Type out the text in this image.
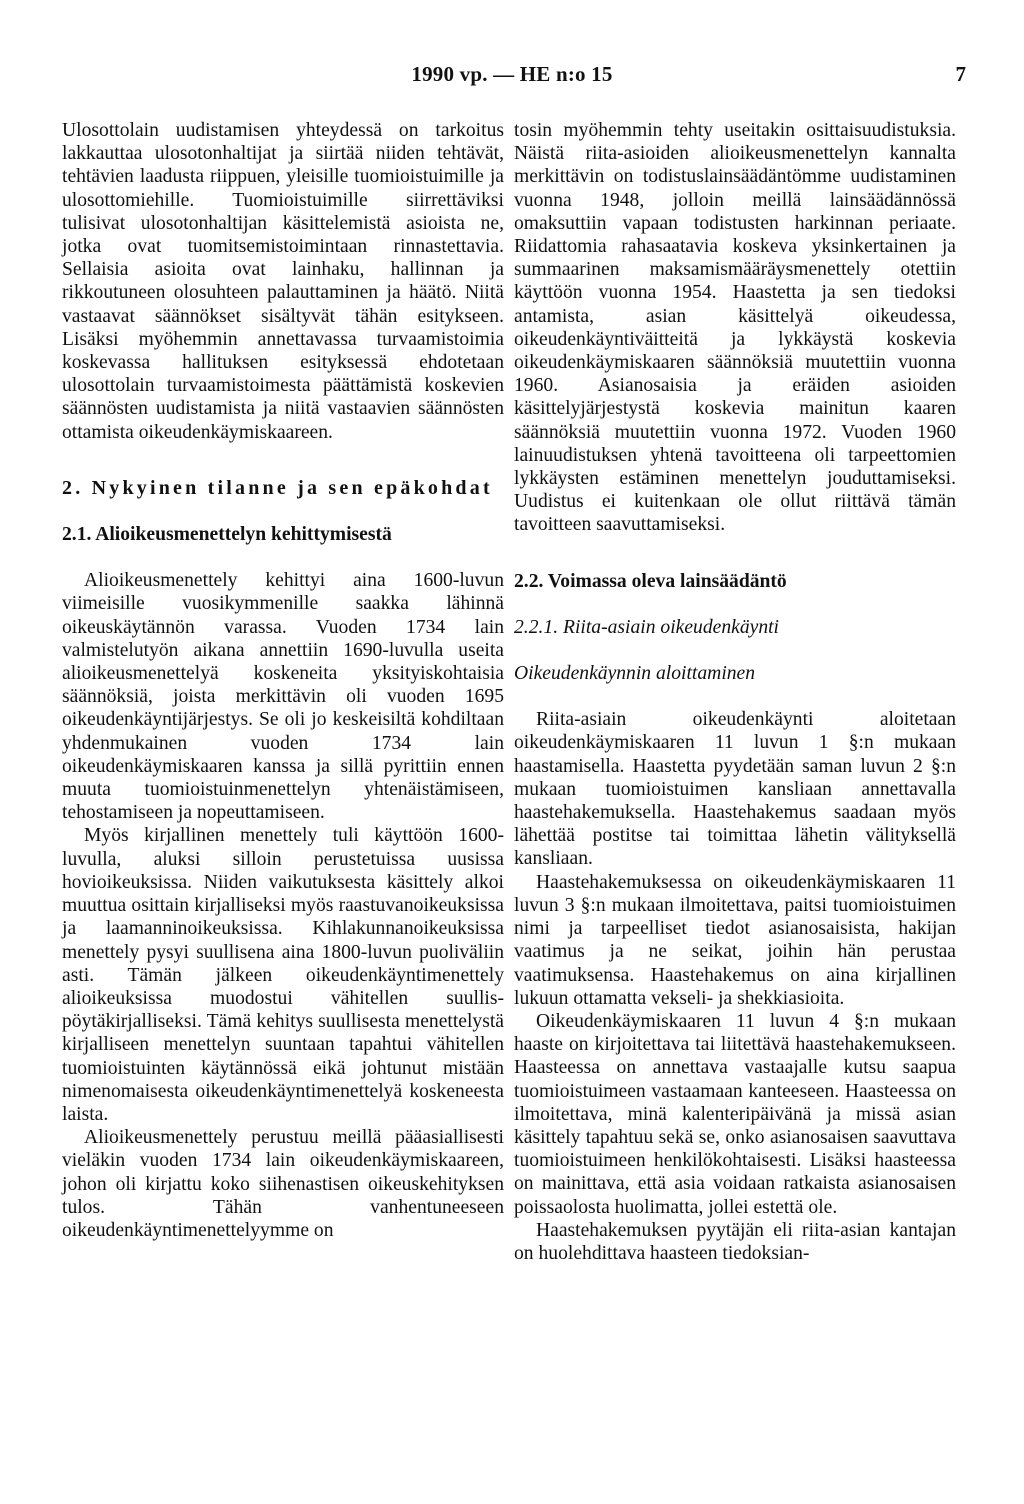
1990 vp. — HE n:o 15	7

Ulosottolain uudistamisen yhteydessä on tarkoitus lakkauttaa ulosotonhaltijat ja siirtää niiden tehtävät, tehtävien laadusta riippuen, yleisille tuomioistuimille ja ulosottomiehille. Tuomioistuimille siirrettäviksi tulisivat ulosotonhaltijan käsittelemistä asioista ne, jotka ovat tuomitsemistoimintaan rinnastettavia. Sellaisia asioita ovat lainhaku, hallinnan ja rikkoutuneen olosuhteen palauttaminen ja häätö. Niitä vastaavat säännökset sisältyvät tähän esitykseen. Lisäksi myöhemmin annettavassa turvaamistoimia koskevassa hallituksen esityksessä ehdotetaan ulosottolain turvaamistoimesta päättämistä koskevien säännösten uudistamista ja niitä vastaavien säännösten ottamista oikeudenkäymiskaareen.

2. Nykyinen tilanne ja sen epäkohdat
2.1. Alioikeusmenettelyn kehittymisestä

Alioikeusmenettely kehittyi aina 1600-luvun viimeisille vuosikymmenille saakka lähinnä oikeuskäytännön varassa. Vuoden 1734 lain valmistelutyön aikana annettiin 1690-luvulla useita alioikeusmenettelyä koskeneita yksityiskohtaisia säännöksiä, joista merkittävin oli vuoden 1695 oikeudenkäyntijärjestys. Se oli jo keskeisiltä kohdiltaan yhdenmukainen vuoden 1734 lain oikeudenkäymiskaaren kanssa ja sillä pyrittiin ennen muuta tuomioistuinmenettelyn yhtenäistämiseen, tehostamiseen ja nopeuttamiseen.

Myös kirjallinen menettely tuli käyttöön 1600-luvulla, aluksi silloin perustetuissa uusissa hovioikeuksissa. Niiden vaikutuksesta käsittely alkoi muuttua osittain kirjalliseksi myös raastuvanoikeuksissa ja laamanninoikeuksissa. Kihlakunnanoikeuksissa menettely pysyi suullisena aina 1800-luvun puoliväliin asti. Tämän jälkeen oikeudenkäyntimenettely alioikeuksissa muodostui vähitellen suullis-pöytäkirjalliseksi. Tämä kehitys suullisesta menettelystä kirjalliseen menettelyn suuntaan tapahtui vähitellen tuomioistuinten käytännössä eikä johtunut mistään nimenomaisesta oikeudenkäyntimenettelyä koskeneesta laista.

Alioikeusmenettely perustuu meillä pääasiallisesti vieläkin vuoden 1734 lain oikeudenkäymiskaareen, johon oli kirjattu koko siihenastisen oikeuskehityksen tulos. Tähän vanhentuneeseen oikeudenkäyntimenettelyymme on

tosin myöhemmin tehty useitakin osittaisuudistuksia. Näistä riita-asioiden alioikeusmenettelyn kannalta merkittävin on todistuslainsäädäntömme uudistaminen vuonna 1948, jolloin meillä lainsäädännössä omaksuttiin vapaan todistusten harkinnan periaate. Riidattomia rahasaatavia koskeva yksinkertainen ja summaarinen maksamismääräysmenettely otettiin käyttöön vuonna 1954. Haastetta ja sen tiedoksi antamista, asian käsittelyä oikeudessa, oikeudenkäyntiväitteitä ja lykkäystä koskevia oikeudenkäymiskaaren säännöksiä muutettiin vuonna 1960. Asianosaisia ja eräiden asioiden käsittelyjärjestystä koskevia mainitun kaaren säännöksiä muutettiin vuonna 1972. Vuoden 1960 lainuudistuksen yhtenä tavoitteena oli tarpeettomien lykkäysten estäminen menettelyn jouduttamiseksi. Uudistus ei kuitenkaan ole ollut riittävä tämän tavoitteen saavuttamiseksi.

2.2. Voimassa oleva lainsäädäntö
2.2.1. Riita-asiain oikeudenkäynti
Oikeudenkäynnin aloittaminen

Riita-asiain oikeudenkäynti aloitetaan oikeudenkäymiskaaren 11 luvun 1 §:n mukaan haastamisella. Haastetta pyydetään saman luvun 2 §:n mukaan tuomioistuimen kansliaan annettavalla haastehakemuksella. Haastehakemus saadaan myös lähettää postitse tai toimittaa lähetin välityksellä kansliaan.

Haastehakemuksessa on oikeudenkäymiskaaren 11 luvun 3 §:n mukaan ilmoitettava, paitsi tuomioistuimen nimi ja tarpeelliset tiedot asianosaisista, hakijan vaatimus ja ne seikat, joihin hän perustaa vaatimuksensa. Haastehakemus on aina kirjallinen lukuun ottamatta vekseli- ja shekkiasioita.

Oikeudenkäymiskaaren 11 luvun 4 §:n mukaan haaste on kirjoitettava tai liitettävä haastehakemukseen. Haasteessa on annettava vastaajalle kutsu saapua tuomioistuimeen vastaamaan kanteeseen. Haasteessa on ilmoitettava, minä kalenteripäivänä ja missä asian käsittely tapahtuu sekä se, onko asianosaisen saavuttava tuomioistuimeen henkilökohtaisesti. Lisäksi haasteessa on mainittava, että asia voidaan ratkaista asianosaisen poissaolosta huolimatta, jollei estettä ole.

Haastehakemuksen pyytäjän eli riita-asian kantajan on huolehdittava haasteen tiedoksian-
